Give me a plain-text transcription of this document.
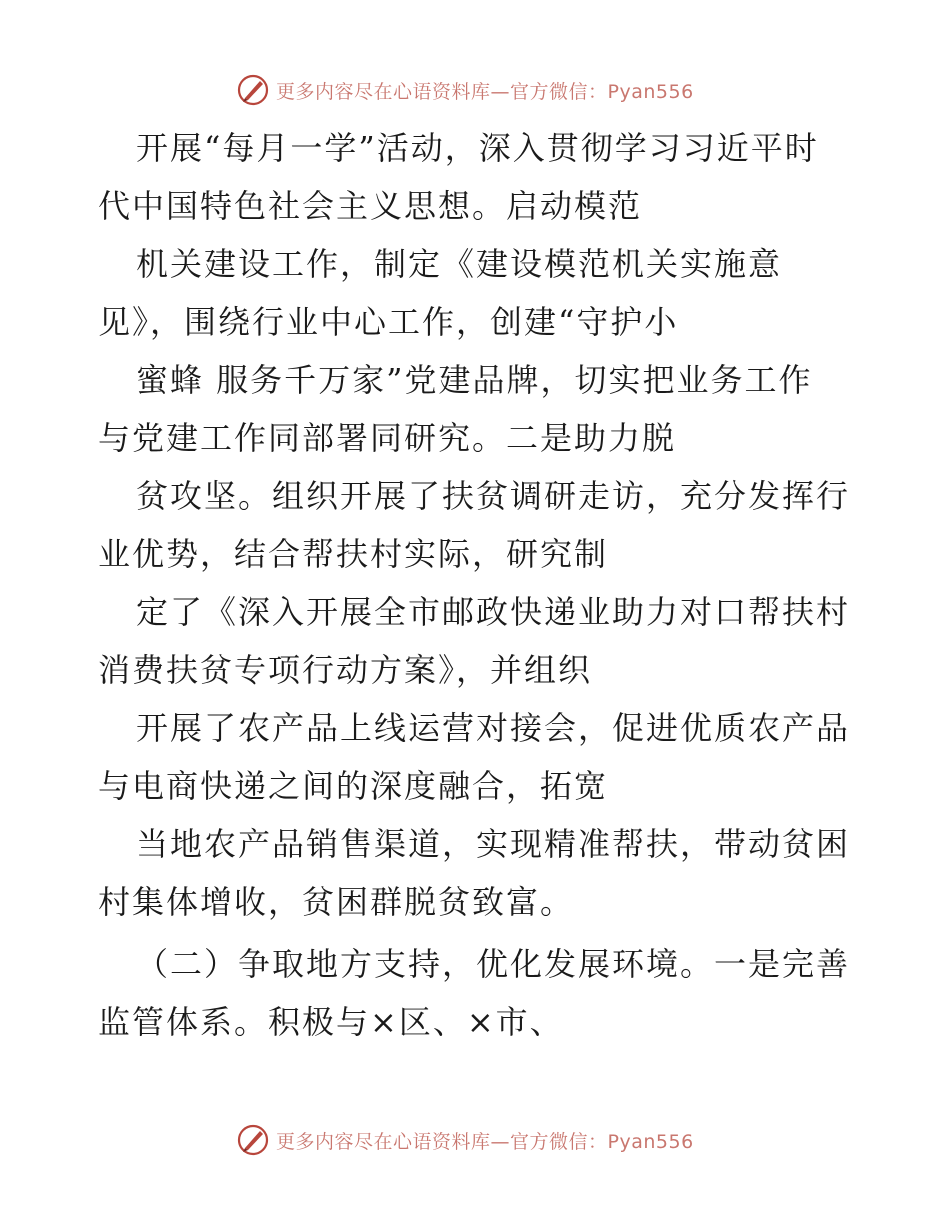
更多内容尽在心语资料库—官方微信：Pyan556
开展“每月一学”活动，深入贯彻学习习近平时
代中国特色社会主义思想。启动模范
机关建设工作，制定《建设模范机关实施意
见》，围绕行业中心工作，创建“守护小
蜜蜂 服务千万家”党建品牌，切实把业务工作
与党建工作同部署同研究。二是助力脱
贫攻坚。组织开展了扶贫调研走访，充分发挥行
业优势，结合帮扶村实际，研究制
定了《深入开展全市邮政快递业助力对口帮扶村
消费扶贫专项行动方案》，并组织
开展了农产品上线运营对接会，促进优质农产品
与电商快递之间的深度融合，拓宽
当地农产品销售渠道，实现精准帮扶，带动贫困
村集体增收，贫困群脱贫致富。
（二）争取地方支持，优化发展环境。一是完善
监管体系。积极与×区、×市、
更多内容尽在心语资料库—官方微信：Pyan556
